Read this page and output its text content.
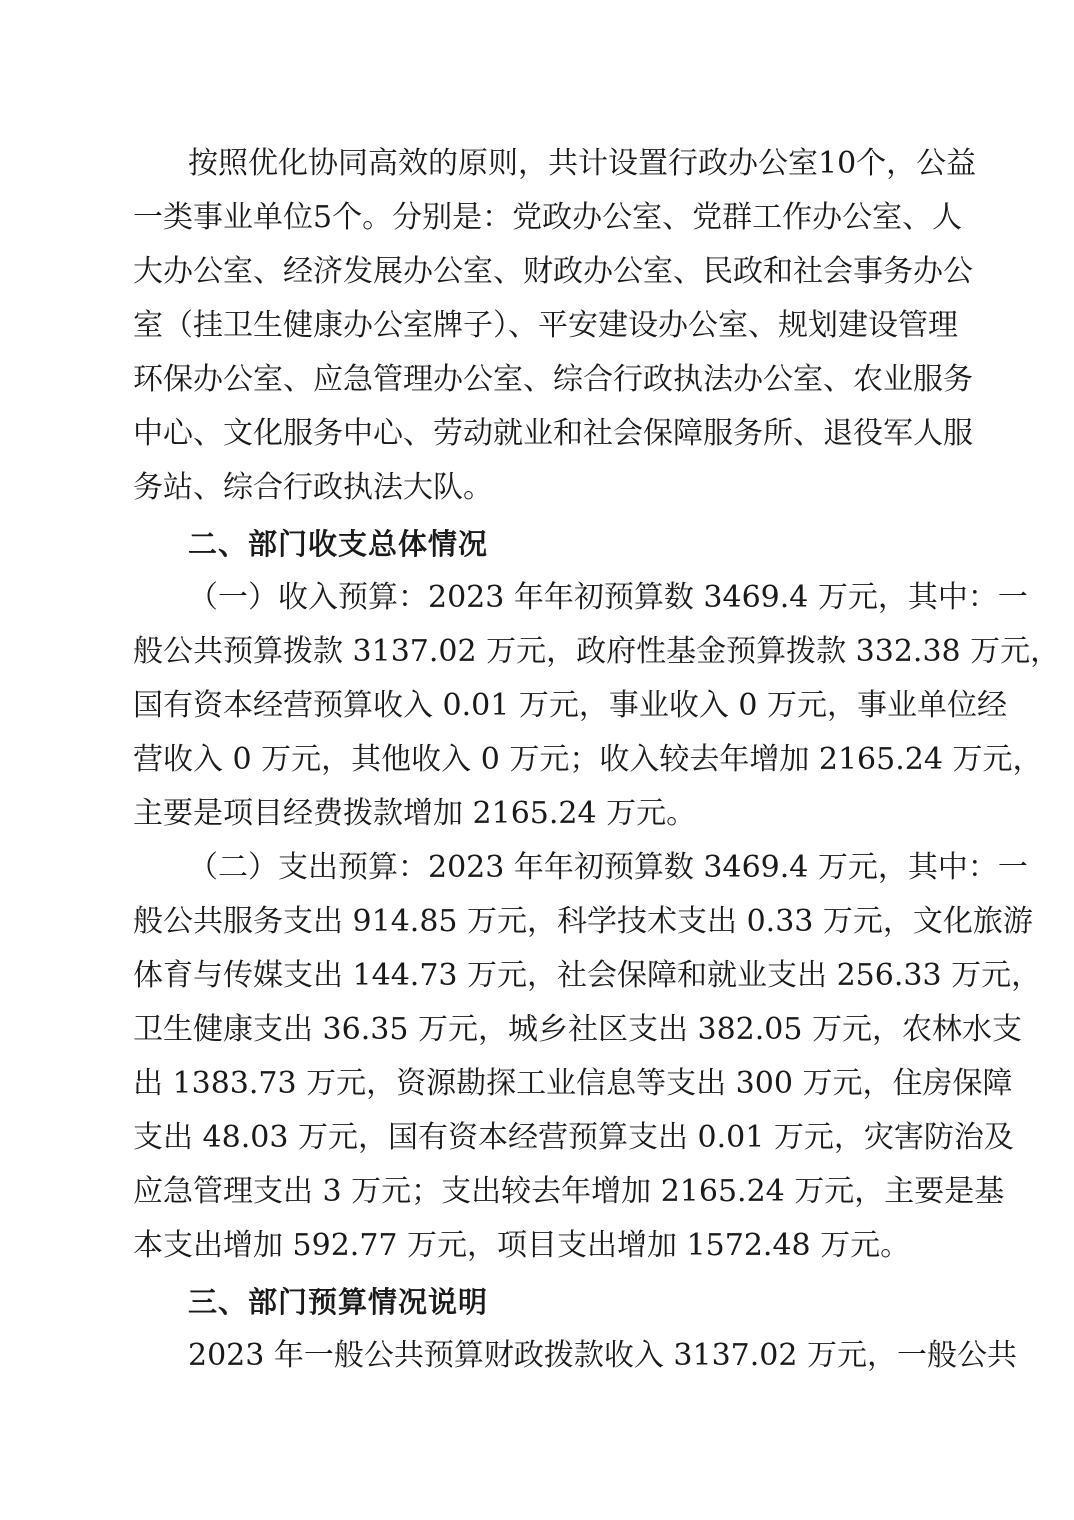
按照优化协同高效的原则，共计设置行政办公室10个，公益
一类事业单位5个。分别是：党政办公室、党群工作办公室、人
大办公室、经济发展办公室、财政办公室、民政和社会事务办公
室（挂卫生健康办公室牌子）、平安建设办公室、规划建设管理
环保办公室、应急管理办公室、综合行政执法办公室、农业服务
中心、文化服务中心、劳动就业和社会保障服务所、退役军人服
务站、综合行政执法大队。
二、部门收支总体情况
（一）收入预算：2023 年年初预算数 3469.4 万元，其中：一
般公共预算拨款 3137.02 万元，政府性基金预算拨款 332.38 万元，
国有资本经营预算收入 0.01 万元，事业收入 0 万元，事业单位经
营收入 0 万元，其他收入 0 万元；收入较去年增加 2165.24 万元，
主要是项目经费拨款增加 2165.24 万元。
（二）支出预算：2023 年年初预算数 3469.4 万元，其中：一
般公共服务支出 914.85 万元，科学技术支出 0.33 万元，文化旅游
体育与传媒支出 144.73 万元，社会保障和就业支出 256.33 万元，
卫生健康支出 36.35 万元，城乡社区支出 382.05 万元，农林水支
出 1383.73 万元，资源勘探工业信息等支出 300 万元，住房保障
支出 48.03 万元，国有资本经营预算支出 0.01 万元，灾害防治及
应急管理支出 3 万元；支出较去年增加 2165.24 万元，主要是基
本支出增加 592.77 万元，项目支出增加 1572.48 万元。
三、部门预算情况说明
2023 年一般公共预算财政拨款收入 3137.02 万元，一般公共
